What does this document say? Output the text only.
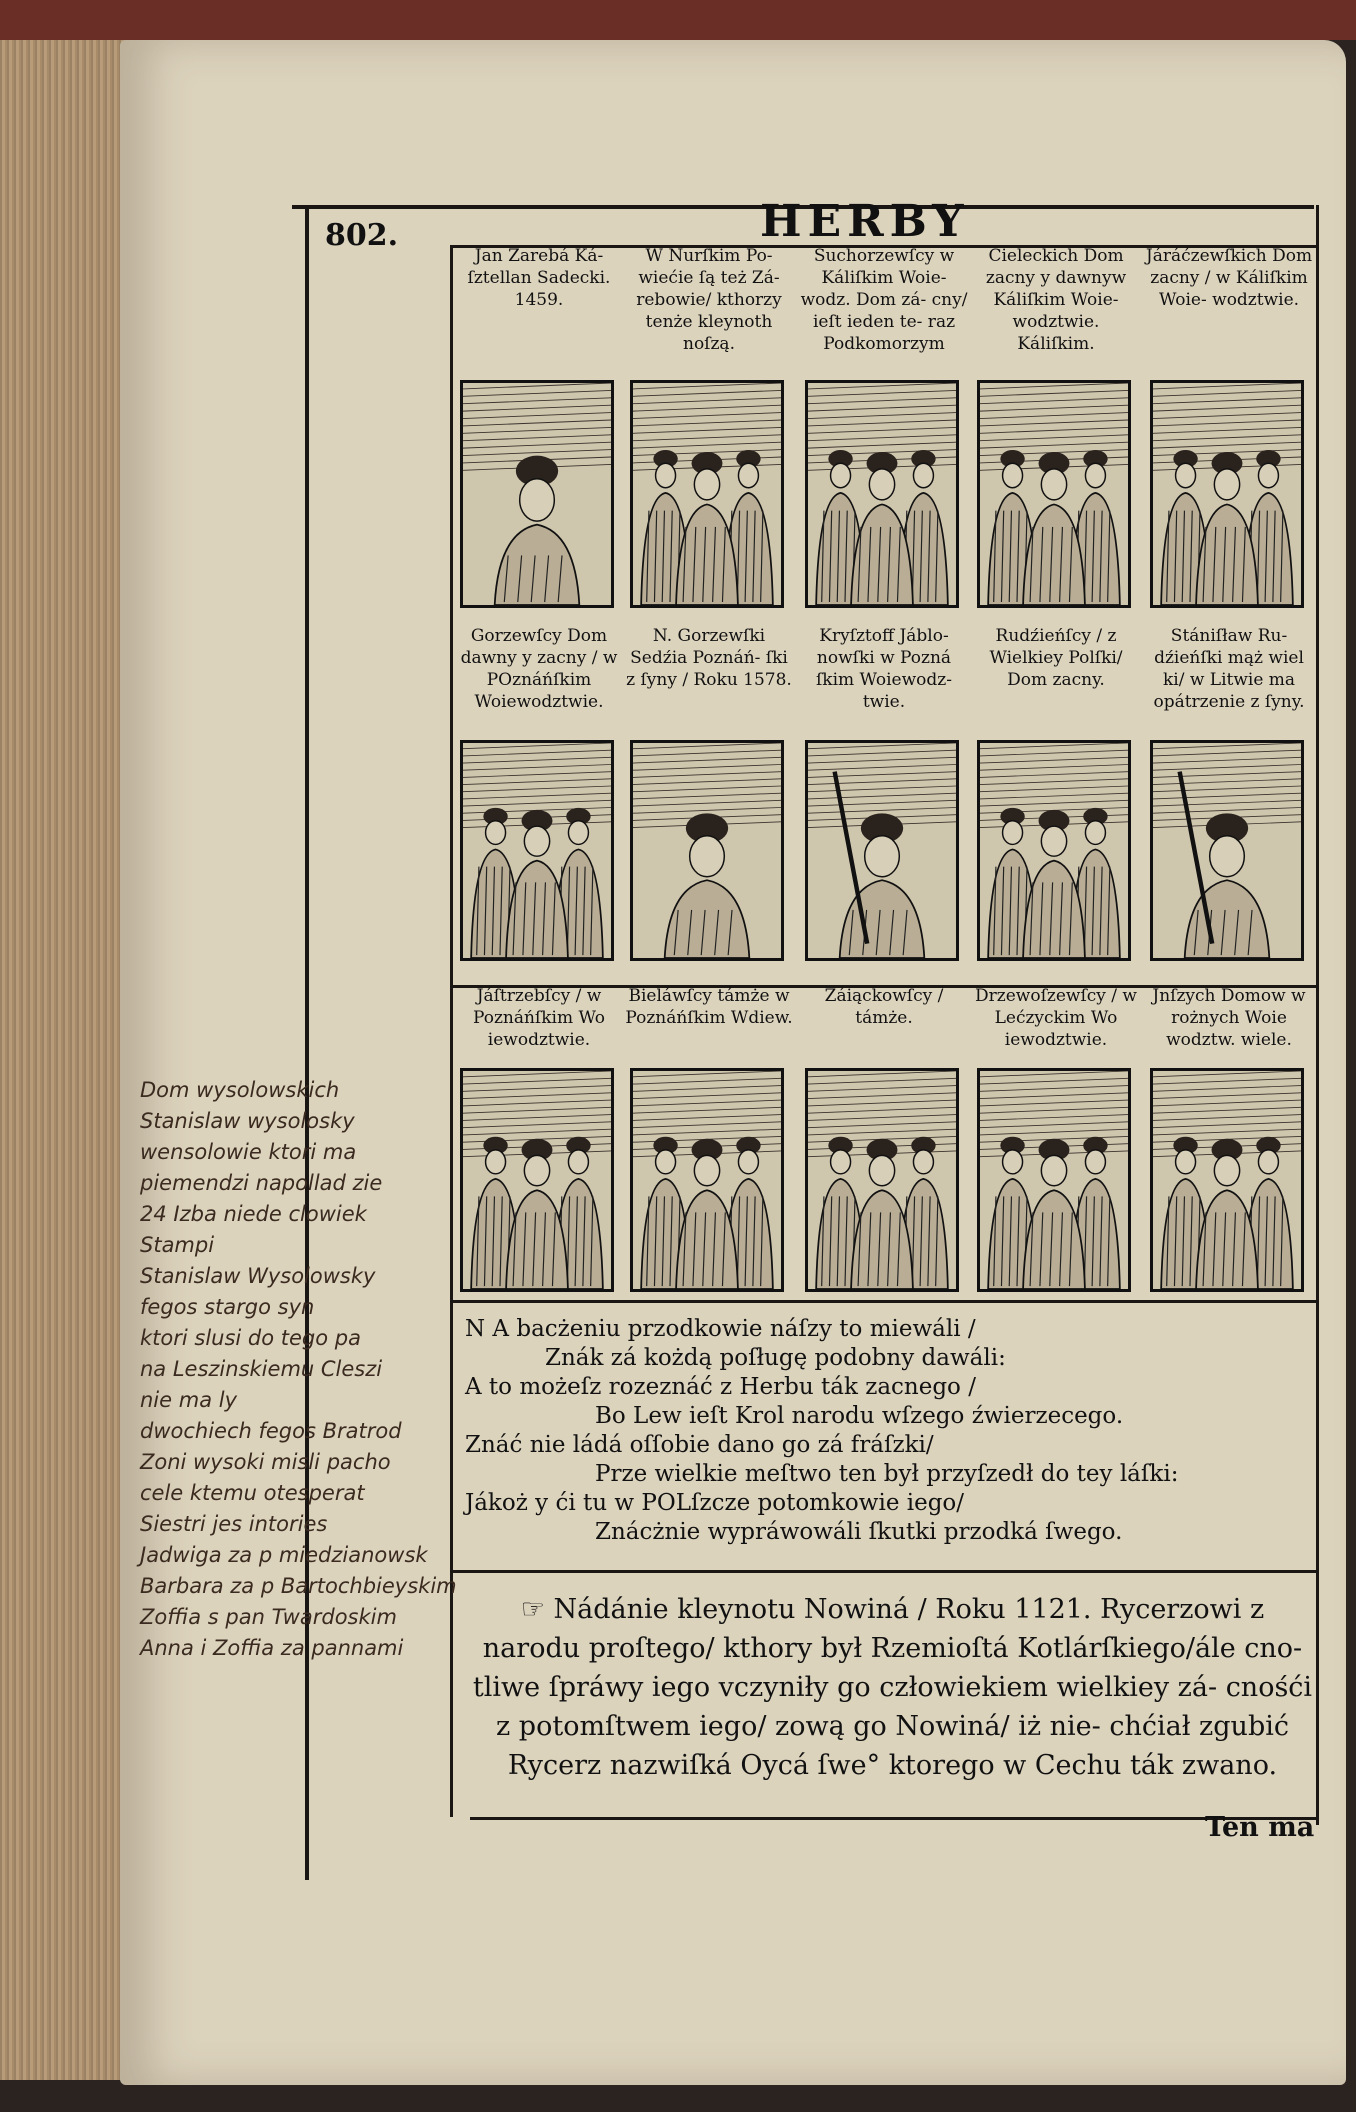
802.	HERBY
Jan Zarebá Ká- ſztellan Sadecki. 1459.
W Nurſkim Po- wiećie ſą też Zá- rebowie/ kthorzy tenże kleynoth noſzą.
Suchorzewſcy w Káliſkim Woie- wodz. Dom zá- cny/ ieſt ieden te- raz Podkomorzym
Cieleckich Dom zacny y dawnyw Káliſkim Woie- wodztwie. Káliſkim.
Járáćzewſkich Dom zacny / w Káliſkim Woie- wodztwie.
Gorzewſcy Dom dawny y zacny / w POznáńſkim Woiewodztwie.
N. Gorzewſki Sedźia Poznáń- ſki z ſyny / Roku 1578.
Kryſztoff Jáblo- nowſki w Pozná ſkim Woiewodz- twie.
Rudźieńſcy / z Wielkiey Polſki/ Dom zacny.
Stániſław Ru- dźieńſki mąż wiel ki/ w Litwie ma opátrzenie z ſyny.
Jáſtrzebſcy / w Poznáńſkim Wo iewodztwie.
Bieláwſcy támże w Poznáńſkim Wdiew.
Záiąckowſcy / támże.
Drzewoſzewſcy / w Lećzyckim Wo iewodztwie.
Jnſzych Domow w rożnych Woie wodztw. wiele.
N A bacżeniu przodkowie náſzy to miewáli /
Znák zá kożdą poſługę podobny dawáli:
A to możeſz rozeznáć z Herbu ták zacnego /
Bo Lew ieſt Krol narodu wſzego źwierzecego.
Znáć nie ládá oſſobie dano go zá fráſzki/
Prze wielkie meſtwo ten był przyſzedł do tey láſki:
Jákoż y ći tu w POLſzcze potomkowie iego/
Znácżnie wypráwowáli ſkutki przodká ſwego.
☞ Nádánie kleynotu Nowiná / Roku 1121. Rycerzowi z narodu proſtego/ kthory był Rzemioſtá Kotlárſkiego/ále cno- tliwe ſpráwy iego vczyniły go człowiekiem wielkiey zá- cnośći z potomſtwem iego/ zową go Nowiná/ iż nie- chćiał zgubić Rycerz nazwiſká Oycá ſwe° ktorego w Cechu ták zwano.
Ten ma
Dom wysolowskich
Stanislaw wysolosky
wensolowie ktori ma
piemendzi napollad zie
24 Izba niede clowiek
Stampi
Stanislaw Wysolowsky
fegos stargo syn
ktori slusi do tego pa
na Leszinskiemu Cleszi
nie ma ly
dwochiech fegos Bratrod
Zoni wysoki misli pacho
cele ktemu otesperat
Siestri jes intories
Jadwiga za p miedzianowsk
Barbara za p Bartochbieyskim
Zoffia s pan Twardoskim
Anna i Zoffia za pannami
